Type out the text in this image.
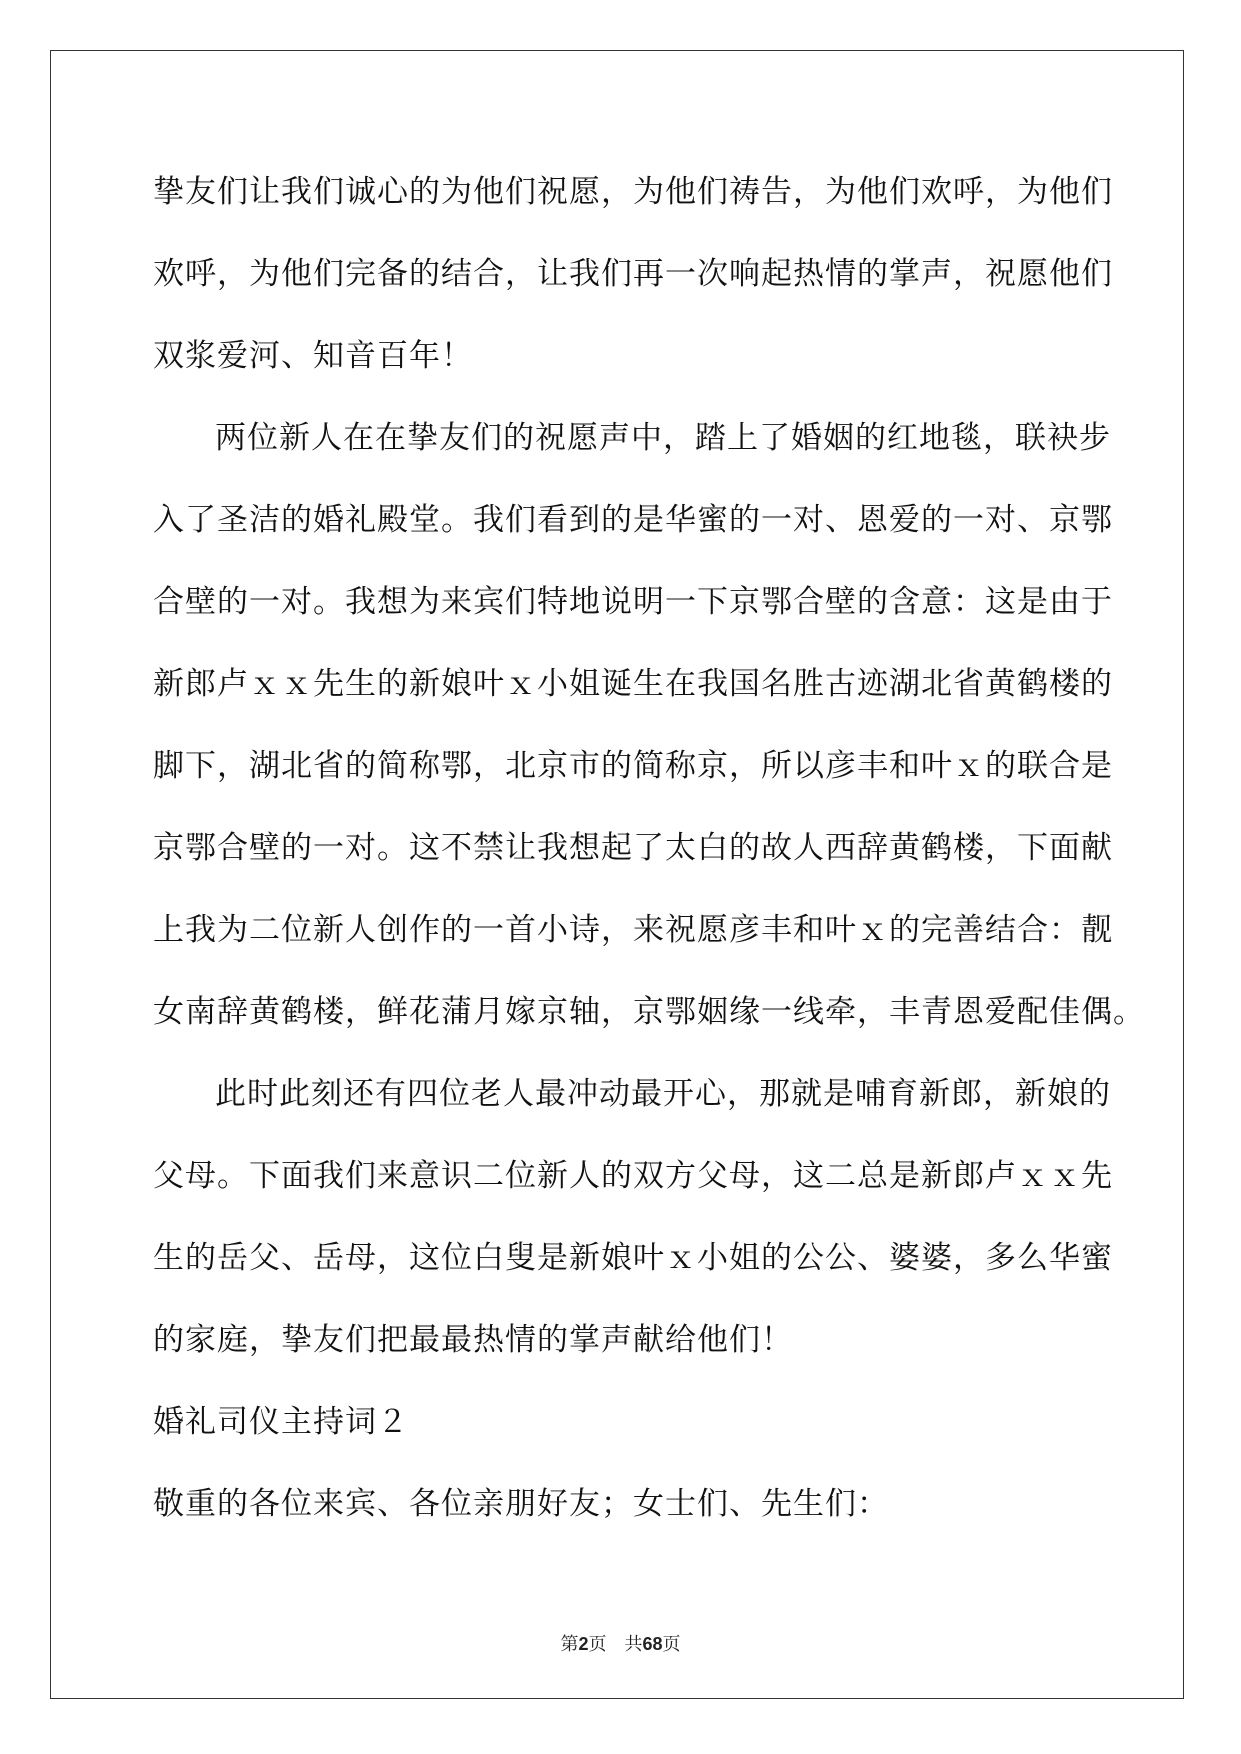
挚友们让我们诚心的为他们祝愿，为他们祷告，为他们欢呼，为他们
欢呼，为他们完备的结合，让我们再一次响起热情的掌声，祝愿他们
双浆爱河、知音百年！
两位新人在在挚友们的祝愿声中，踏上了婚姻的红地毯，联袂步
入了圣洁的婚礼殿堂。我们看到的是华蜜的一对、恩爱的一对、京鄂
合壁的一对。我想为来宾们特地说明一下京鄂合壁的含意：这是由于
新郎卢ｘｘ先生的新娘叶ｘ小姐诞生在我国名胜古迹湖北省黄鹤楼的
脚下，湖北省的简称鄂，北京市的简称京，所以彦丰和叶ｘ的联合是
京鄂合壁的一对。这不禁让我想起了太白的故人西辞黄鹤楼，下面献
上我为二位新人创作的一首小诗，来祝愿彦丰和叶ｘ的完善结合：靓
女南辞黄鹤楼，鲜花蒲月嫁京轴，京鄂姻缘一线牵，丰青恩爱配佳偶。
此时此刻还有四位老人最冲动最开心，那就是哺育新郎，新娘的
父母。下面我们来意识二位新人的双方父母，这二总是新郎卢ｘｘ先
生的岳父、岳母，这位白叟是新娘叶ｘ小姐的公公、婆婆，多么华蜜
的家庭，挚友们把最最热情的掌声献给他们！
婚礼司仪主持词２
敬重的各位来宾、各位亲朋好友；女士们、先生们：
第2页 共68页
